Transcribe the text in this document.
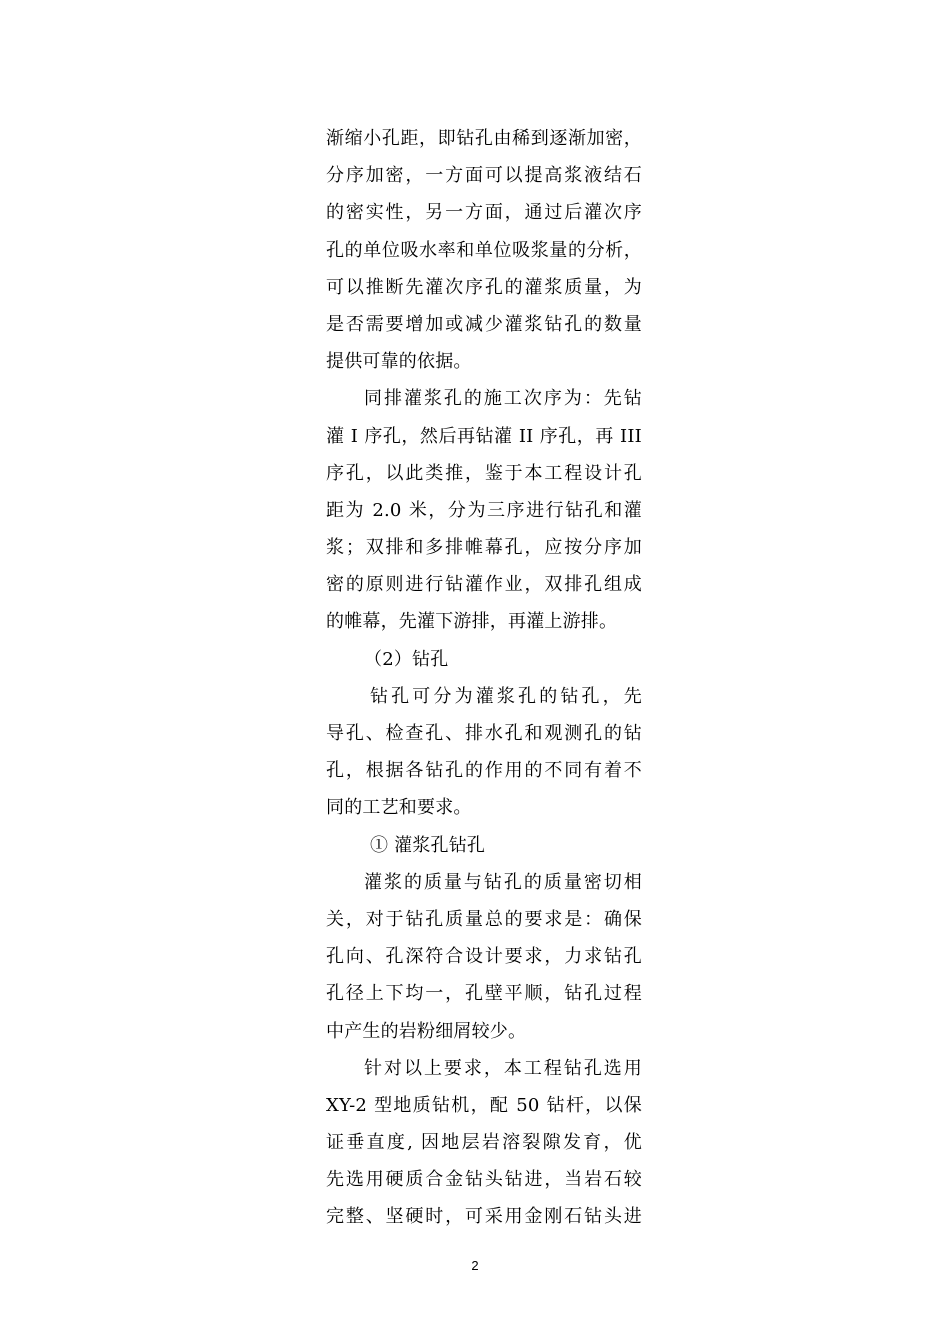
渐缩小孔距，即钻孔由稀到逐渐加密，
分序加密，一方面可以提高浆液结石
的密实性，另一方面，通过后灌次序
孔的单位吸水率和单位吸浆量的分析，
可以推断先灌次序孔的灌浆质量，为
是否需要增加或减少灌浆钻孔的数量
提供可靠的依据。
同排灌浆孔的施工次序为：先钻
灌 I 序孔，然后再钻灌 II 序孔，再 III
序孔，以此类推，鉴于本工程设计孔
距为 2.0 米，分为三序进行钻孔和灌
浆；双排和多排帷幕孔，应按分序加
密的原则进行钻灌作业，双排孔组成
的帷幕，先灌下游排，再灌上游排。
（2）钻孔
钻孔可分为灌浆孔的钻孔，先
导孔、检查孔、排水孔和观测孔的钻
孔，根据各钻孔的作用的不同有着不
同的工艺和要求。
① 灌浆孔钻孔
灌浆的质量与钻孔的质量密切相
关，对于钻孔质量总的要求是：确保
孔向、孔深符合设计要求，力求钻孔
孔径上下均一，孔壁平顺，钻孔过程
中产生的岩粉细屑较少。
针对以上要求，本工程钻孔选用
XY-2 型地质钻机，配 50 钻杆，以保
证垂直度, 因地层岩溶裂隙发育，优
先选用硬质合金钻头钻进，当岩石较
完整、坚硬时，可采用金刚石钻头进
2
